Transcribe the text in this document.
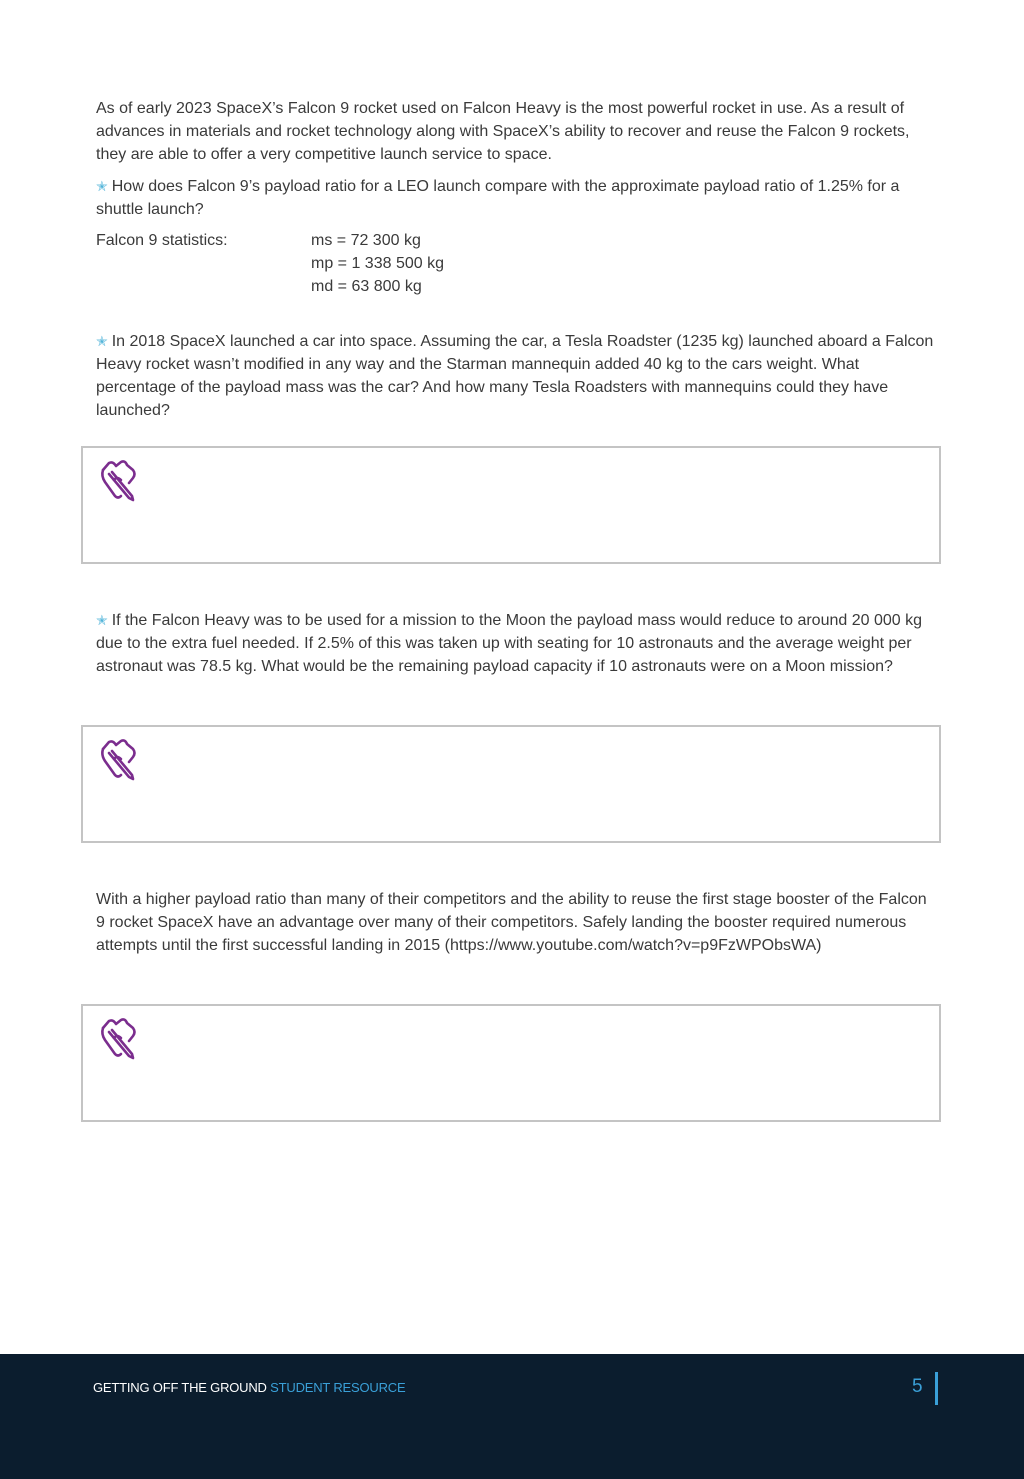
As of early 2023 SpaceX’s Falcon 9 rocket used on Falcon Heavy is the most powerful rocket in use. As a result of advances in materials and rocket technology along with SpaceX’s ability to recover and reuse the Falcon 9 rockets, they are able to offer a very competitive launch service to space.

✭ How does Falcon 9’s payload ratio for a LEO launch compare with the approximate payload ratio of 1.25% for a shuttle launch?

Falcon 9 statistics:	ms = 72 300 kg
mp = 1 338 500 kg
md = 63 800 kg

✭ In 2018 SpaceX launched a car into space. Assuming the car, a Tesla Roadster (1235 kg) launched aboard a Falcon Heavy rocket wasn’t modified in any way and the Starman mannequin added 40 kg to the cars weight. What percentage of the payload mass was the car? And how many Tesla Roadsters with mannequins could they have launched?

✭ If the Falcon Heavy was to be used for a mission to the Moon the payload mass would reduce to around 20 000 kg due to the extra fuel needed. If 2.5% of this was taken up with seating for 10 astronauts and the average weight per astronaut was 78.5 kg. What would be the remaining payload capacity if 10 astronauts were on a Moon mission?

With a higher payload ratio than many of their competitors and the ability to reuse the first stage booster of the Falcon 9 rocket SpaceX have an advantage over many of their competitors. Safely landing the booster required numerous attempts until the first successful landing in 2015 (https://www.youtube.com/watch?v=p9FzWPObsWA)

GETTING OFF THE GROUND STUDENT RESOURCE	5
